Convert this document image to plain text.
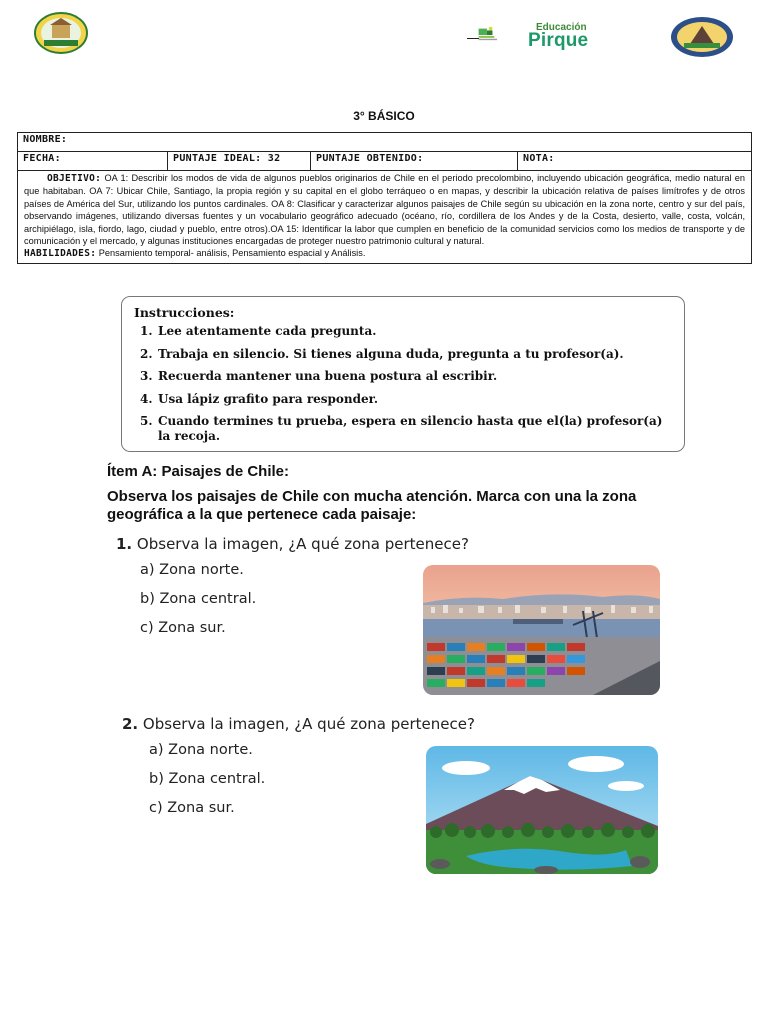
Educación
Pirque
3° BÁSICO
NOMBRE:
FECHA:	PUNTAJE IDEAL: 32	PUNTAJE OBTENIDO:	NOTA:
OBJETIVO: OA 1: Describir los modos de vida de algunos pueblos originarios de Chile en el periodo precolombino, incluyendo ubicación geográfica, medio natural en que habitaban. OA 7: Ubicar Chile, Santiago, la propia región y su capital en el globo terráqueo o en mapas, y describir la ubicación relativa de países limítrofes y de otros países de América del Sur, utilizando los puntos cardinales. OA 8: Clasificar y caracterizar algunos paisajes de Chile según su ubicación en la zona norte, centro y sur del país, observando imágenes, utilizando diversas fuentes y un vocabulario geográfico adecuado (océano, río, cordillera de los Andes y de la Costa, desierto, valle, costa, volcán, archipiélago, isla, fiordo, lago, ciudad y pueblo, entre otros).OA 15: Identificar la labor que cumplen en beneficio de la comunidad servicios como los medios de transporte y de comunicación y el mercado, y algunas instituciones encargadas de proteger nuestro patrimonio cultural y natural.
HABILIDADES: Pensamiento temporal- análisis, Pensamiento espacial y Análisis.
Instrucciones:
1. Lee atentamente cada pregunta.
2. Trabaja en silencio. Si tienes alguna duda, pregunta a tu profesor(a).
3. Recuerda mantener una buena postura al escribir.
4. Usa lápiz grafito para responder.
5. Cuando termines tu prueba, espera en silencio hasta que el(la) profesor(a) la recoja.
Ítem A: Paisajes de Chile:
Observa los paisajes de Chile con mucha atención. Marca con una la zona geográfica a la que pertenece cada paisaje:
1. Observa la imagen, ¿A qué zona pertenece?
a) Zona norte.
b) Zona central.
c) Zona sur.
2. Observa la imagen, ¿A qué zona pertenece?
a) Zona norte.
b) Zona central.
c) Zona sur.
